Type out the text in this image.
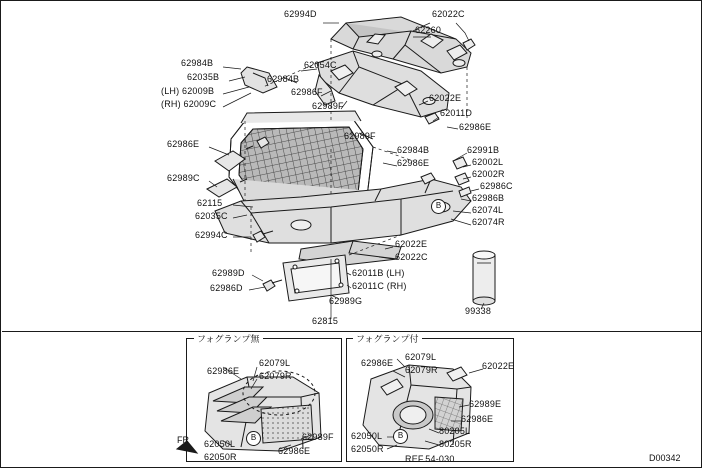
62994D	62022C
62260
62984B	62054C
62035B	62984B
(LH) 62009B	62986F
62022E
(RH) 62009C	62989F
62011D
62986E
62989F
62986E
62984B	62991B
62986E	62002L
62989C	62002R
62986C
62986B
62115
62074L
62035C
62074R
62994C
62022E
62022C
62989D	62011B (LH)
62986D	62011C (RH)
62989G
99338
62815
B
フォグランプ無	フォグランプ付
62079L
62986E 62079R
62989F
62050L
62986E
62050R
B
62986E
62079L
62022E
62079R
62989E
62986E
80205L
80205R
62050L
62050R
REF.54-030
B
FR
D00342
